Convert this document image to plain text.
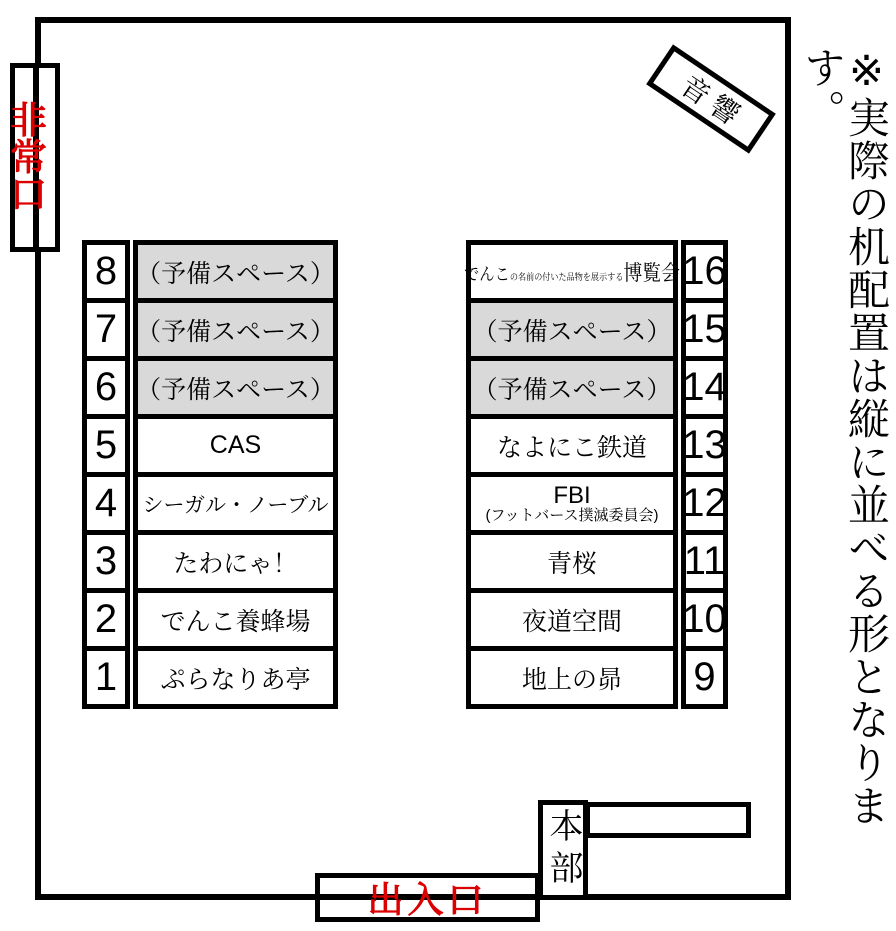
非常口
音響
8
7
6
5
4
3
2
1
（予備スペース）
（予備スペース）
（予備スペース）
CAS
シーガル・ノーブル
たわにゃ！
でんこ養蜂場
ぷらなりあ亭
でんこ の名前の付いた品物を展示する 博覧会
（予備スペース）
（予備スペース）
なよにこ鉄道
FBI
(フットバース撲滅委員会)
青桜
夜道空間
地上の昴
16
15
14
13
12
11
10
9
本部
出入口
※実際の机配置は縦に並べる形となります。
